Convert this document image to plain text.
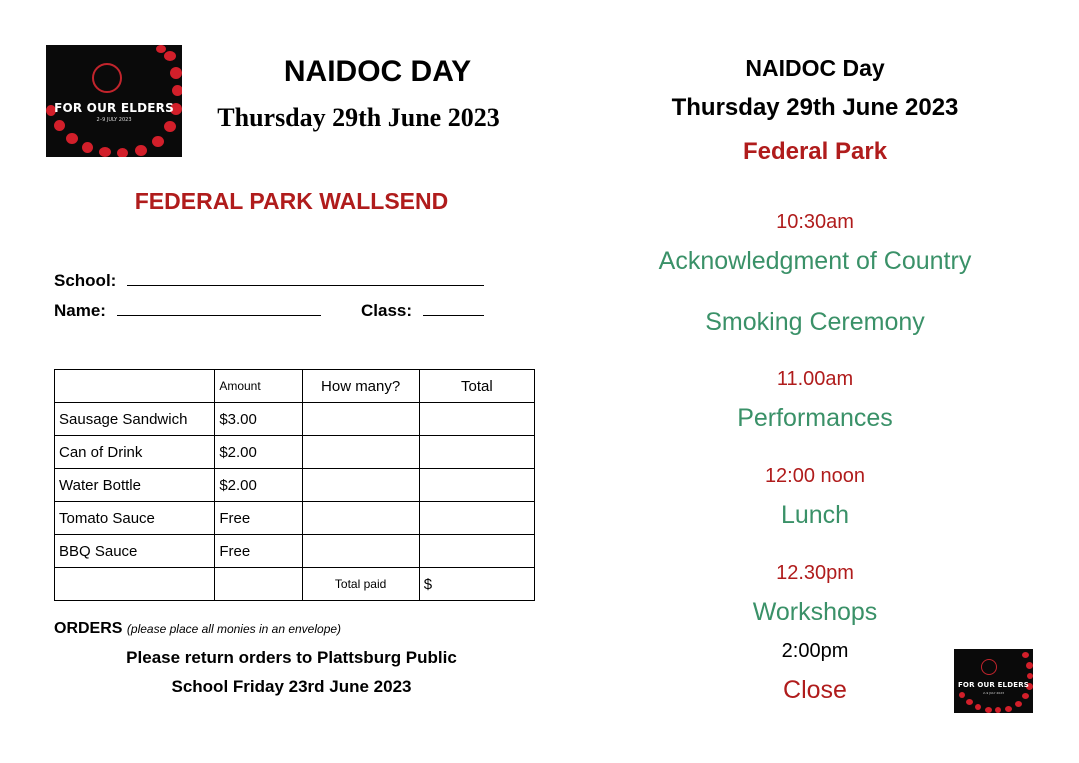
FOR OUR ELDERS
2–9 JULY 2023
NAIDOC DAY
Thursday 29th June 2023
FEDERAL PARK WALLSEND
School:
Name:	Class:
	Amount	How many?	Total
Sausage Sandwich	$3.00		
Can of Drink	$2.00		
Water Bottle	$2.00		
Tomato Sauce	Free		
BBQ Sauce	Free		
		Total paid	$
ORDERS (please place all monies in an envelope)
Please return orders to Plattsburg Public
School Friday 23rd June 2023
NAIDOC Day
Thursday 29th June 2023
Federal Park
10:30am
Acknowledgment of Country
Smoking Ceremony
11.00am
Performances
12:00 noon
Lunch
12.30pm
Workshops
2:00pm
Close	FOR OUR ELDERS
2–9 JULY 2023
